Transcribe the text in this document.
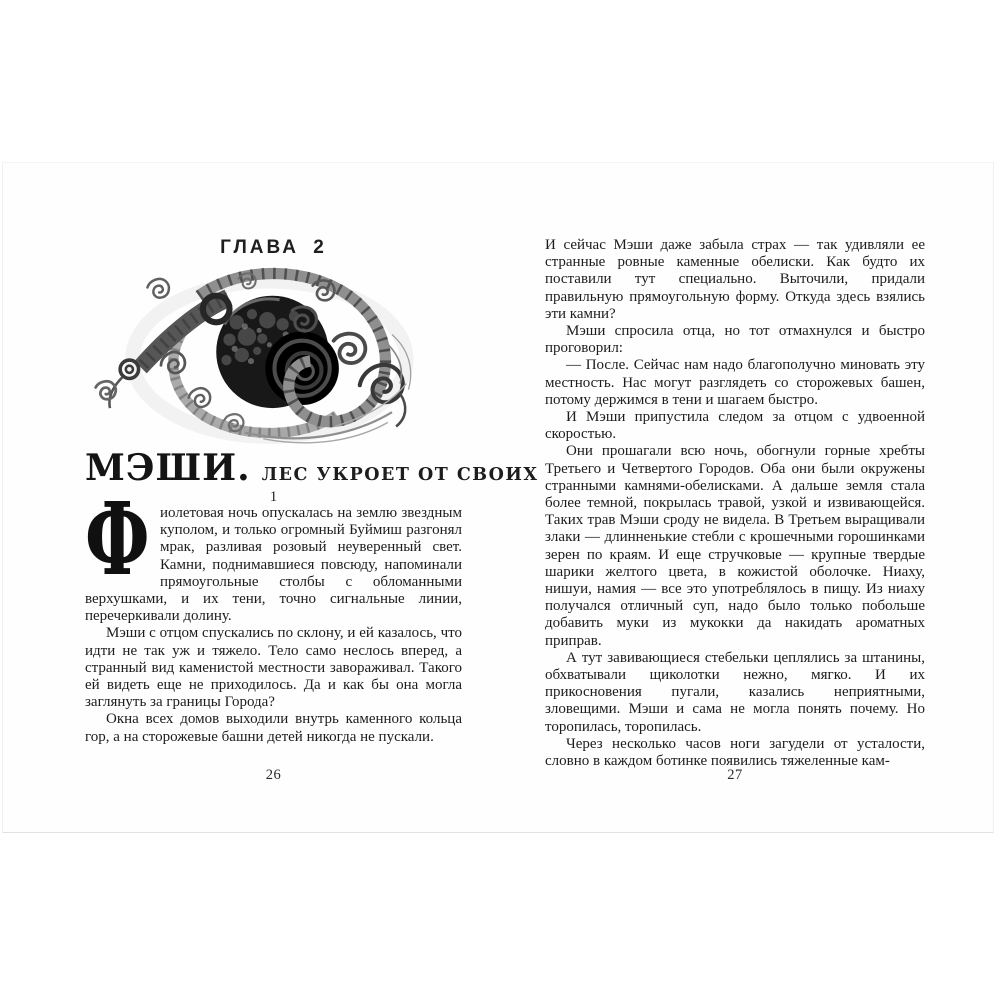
ГЛАВА 2
МЭШИ. ЛЕС УКРОЕТ ОТ СВОИХ
1

Ф иолетовая ночь опускалась на землю звездным куполом, и только огромный Буймиш разгонял мрак, разливая розовый неуверенный свет. Камни, поднимавшиеся повсюду, напоминали прямоугольные столбы с обломанными верхушками, и их тени, точно сигнальные линии, перечеркивали долину.

Мэши с отцом спускались по склону, и ей казалось, что идти не так уж и тяжело. Тело само неслось вперед, а странный вид каменистой местности завораживал. Такого ей видеть еще не приходилось. Да и как бы она могла заглянуть за границы Города?

Окна всех домов выходили внутрь каменного кольца гор, а на сторожевые башни детей никогда не пускали.

26

И сейчас Мэши даже забыла страх — так удивляли ее странные ровные каменные обелиски. Как будто их поставили тут специально. Выточили, придали правильную прямоугольную форму. Откуда здесь взялись эти камни?

Мэши спросила отца, но тот отмахнулся и быстро проговорил:

— После. Сейчас нам надо благополучно миновать эту местность. Нас могут разглядеть со сторожевых башен, потому держимся в тени и шагаем быстро.

И Мэши припустила следом за отцом с удвоенной скоростью.

Они прошагали всю ночь, обогнули горные хребты Третьего и Четвертого Городов. Оба они были окружены странными камнями-обелисками. А дальше земля стала более темной, покрылась травой, узкой и извивающейся. Таких трав Мэши сроду не видела. В Третьем выращивали злаки — длинненькие стебли с крошечными горошинками зерен по краям. И еще стручковые — крупные твердые шарики желтого цвета, в кожистой оболочке. Ниаху, нишуи, намия — все это употреблялось в пищу. Из ниаху получался отличный суп, надо было только побольше добавить муки из мукокки да накидать ароматных приправ.

А тут завивающиеся стебельки цеплялись за штанины, обхватывали щиколотки нежно, мягко. И их прикосновения пугали, казались неприятными, зловещими. Мэши и сама не могла понять почему. Но торопилась, торопилась.

Через несколько часов ноги загудели от усталости, словно в каждом ботинке появились тяжеленные кам-

27
